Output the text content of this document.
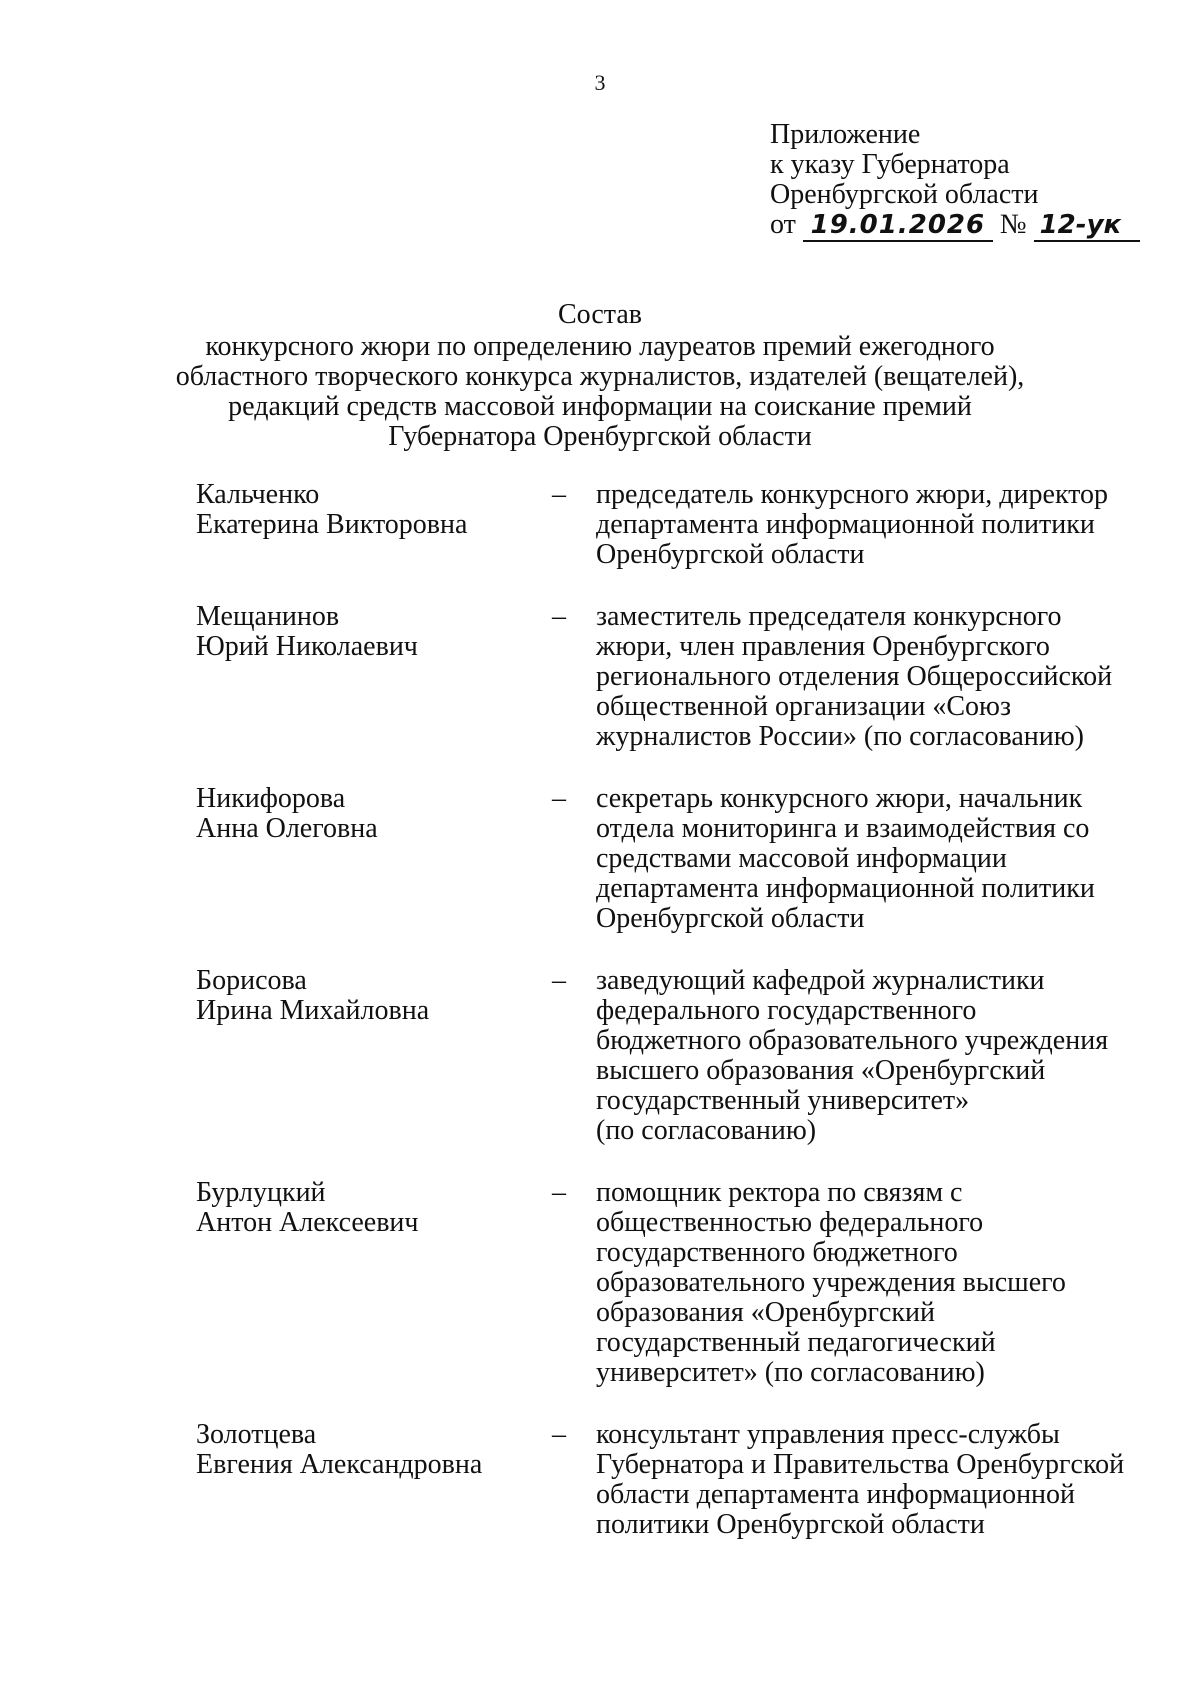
3
Приложение
к указу Губернатора
Оренбургской области
от 19.01.2026 № 12-ук
Состав
конкурсного жюри по определению лауреатов премий ежегодного
областного творческого конкурса журналистов, издателей (вещателей),
редакций средств массовой информации на соискание премий
Губернатора Оренбургской области
Кальченко
Екатерина Викторовна
– председатель конкурсного жюри, директор
департамента информационной политики
Оренбургской области
Мещанинов
Юрий Николаевич
– заместитель председателя конкурсного
жюри, член правления Оренбургского
регионального отделения Общероссийской
общественной организации «Союз
журналистов России» (по согласованию)
Никифорова
Анна Олеговна
– секретарь конкурсного жюри, начальник
отдела мониторинга и взаимодействия со
средствами массовой информации
департамента информационной политики
Оренбургской области
Борисова
Ирина Михайловна
– заведующий кафедрой журналистики
федерального государственного
бюджетного образовательного учреждения
высшего образования «Оренбургский
государственный университет»
(по согласованию)
Бурлуцкий
Антон Алексеевич
– помощник ректора по связям с
общественностью федерального
государственного бюджетного
образовательного учреждения высшего
образования «Оренбургский
государственный педагогический
университет» (по согласованию)
Золотцева
Евгения Александровна
– консультант управления пресс-службы
Губернатора и Правительства Оренбургской
области департамента информационной
политики Оренбургской области
